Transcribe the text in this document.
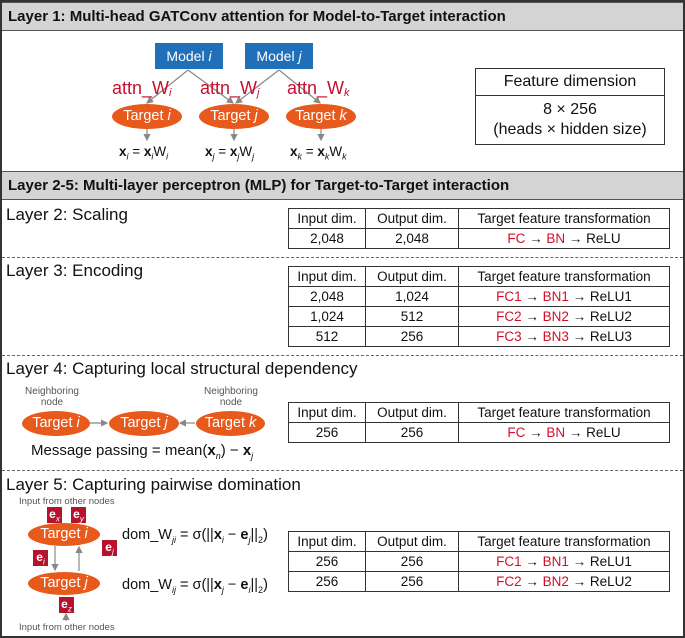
Layer 1: Multi-head GATConv attention for Model-to-Target interaction
Model i	Model j
$attn\_W_i$ $attn\_W_j$ $attn\_W_k$
Target i	Target j	Target k
$x_i = x_iW_i$	$x_j = x_jW_j$	$x_k = x_kW_k$
Feature dimension
8 × 256
(heads × hidden size)
Layer 2-5: Multi-layer perceptron (MLP) for Target-to-Target interaction
Layer 2: Scaling	Input dim.	Output dim.	Target feature transformation
2,048	2,048	FC → BN → ReLU
Layer 3: Encoding	Input dim.	Output dim.	Target feature transformation
2,048	1,024	FC1 → BN1 → ReLU1
1,024	512	FC2 → BN2 → ReLU2
512	256	FC3 → BN3 → ReLU3
Layer 4: Capturing local structural dependency
Neighboring node
Neighboring node
Target i	Target j	Target k
Message $passing = mean(x_n) - x_j$
Input dim.	Output dim.	Target feature transformation
256	256	FC → BN → ReLU
Layer 5: Capturing pairwise domination
Input from other nodes
$e_x$ $e_y$
Target i
$e_j$
$e_i$
Target j
$e_z$
Input from other nodes
$dom\_W_{ji} = \sigma(||x_i - e_j||_2)$
$dom\_W_{ij} = \sigma(||x_j - e_i||_2)$
Input dim.	Output dim.	Target feature transformation
256	256	FC1 → BN1 → ReLU1
256	256	FC2 → BN2 → ReLU2
